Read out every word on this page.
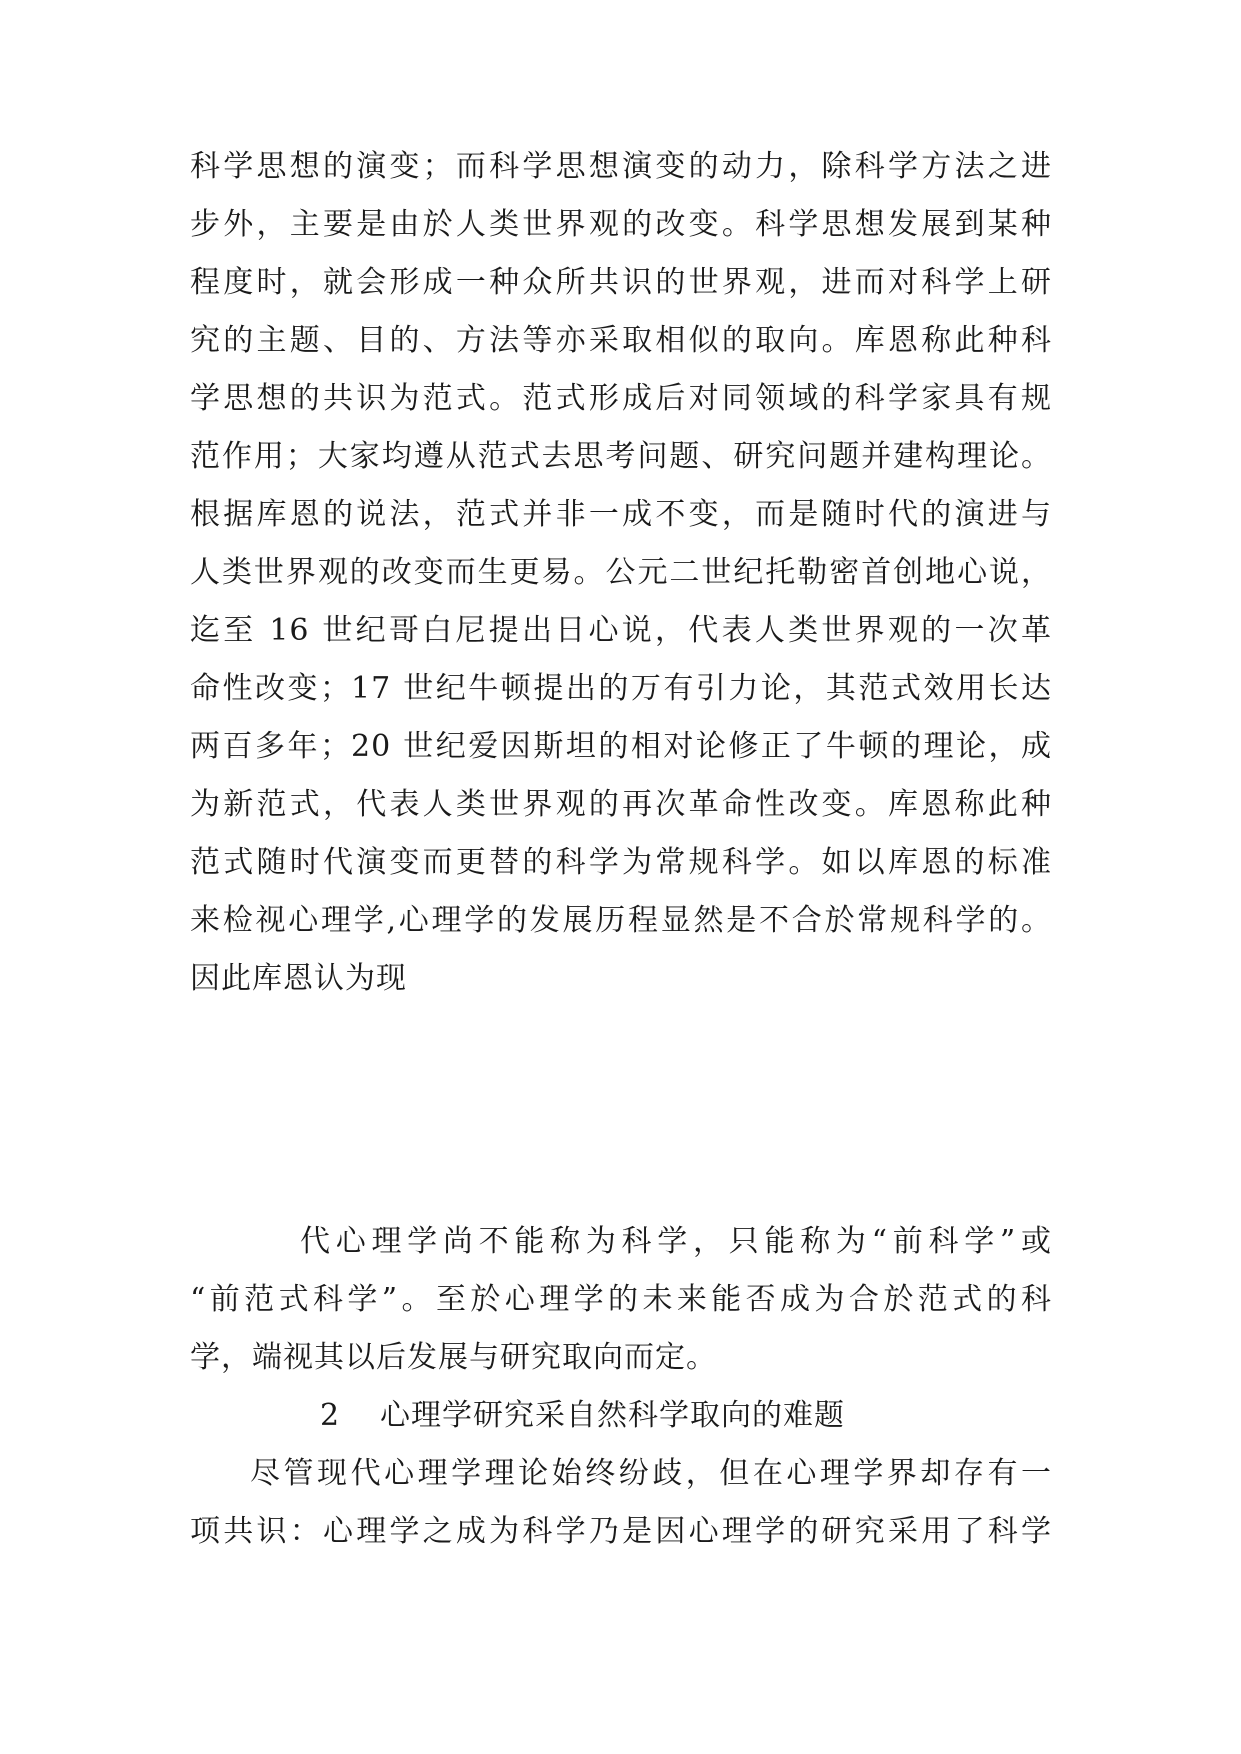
科学思想的演变；而科学思想演变的动力，除科学方法之进
步外，主要是由於人类世界观的改变。科学思想发展到某种
程度时，就会形成一种众所共识的世界观，进而对科学上研
究的主题、目的、方法等亦采取相似的取向。库恩称此种科
学思想的共识为范式。范式形成后对同领域的科学家具有规
范作用；大家均遵从范式去思考问题、研究问题并建构理论。
根据库恩的说法，范式并非一成不变，而是随时代的演进与
人类世界观的改变而生更易。公元二世纪托勒密首创地心说，
迄至 16 世纪哥白尼提出日心说，代表人类世界观的一次革
命性改变；17 世纪牛顿提出的万有引力论，其范式效用长达
两百多年；20 世纪爱因斯坦的相对论修正了牛顿的理论，成
为新范式，代表人类世界观的再次革命性改变。库恩称此种
范式随时代演变而更替的科学为常规科学。如以库恩的标准
来检视心理学,心理学的发展历程显然是不合於常规科学的。
因此库恩认为现
代心理学尚不能称为科学，只能称为“前科学”或
“前范式科学”。至於心理学的未来能否成为合於范式的科
学，端视其以后发展与研究取向而定。
2 心理学研究采自然科学取向的难题
尽管现代心理学理论始终纷歧，但在心理学界却存有一
项共识：心理学之成为科学乃是因心理学的研究采用了科学
